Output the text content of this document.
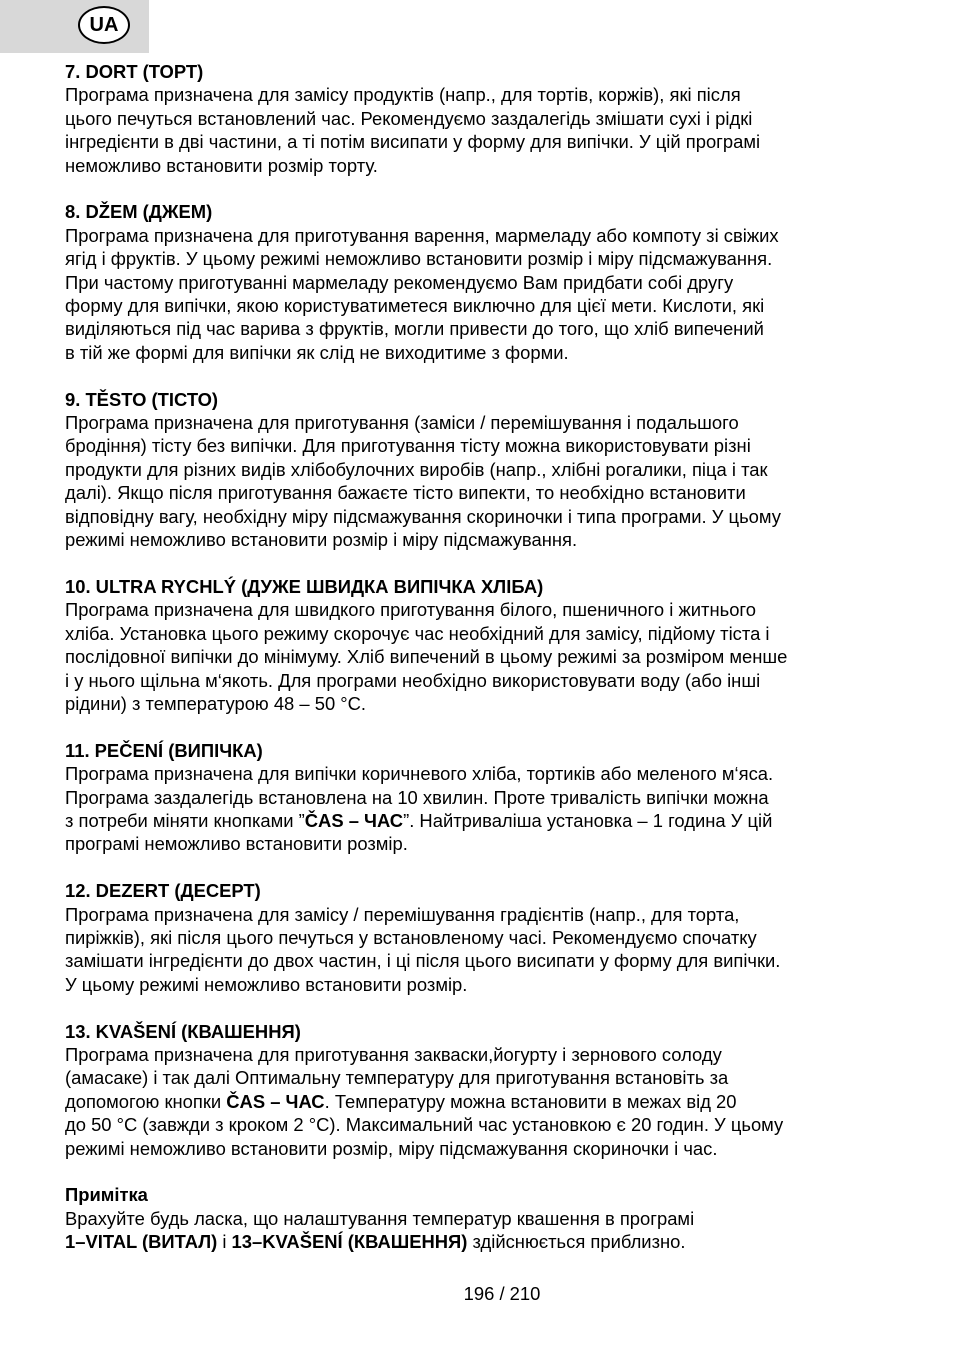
UA
7. DORT (ТОРТ)
Програма призначена для замісу продуктів (напр., для тортів, коржів), які після
цього печуться встановлений час. Рекомендуємо заздалегідь змішати сухі і рідкі
інгредієнти в дві частини, а ті потім висипати у форму для випічки. У цій програмі
неможливо встановити розмір торту.
8. DŽEM (ДЖЕМ)
Програма призначена для приготування варення, мармеладу або компоту зі свіжих
ягід і фруктів. У цьому режимі неможливо встановити розмір і міру підсмажування.
При частому приготуванні мармеладу рекомендуємо Вам придбати собі другу
форму для випічки, якою користуватиметеся виключно для цієї мети. Кислоти, які
виділяються під час варива з фруктів, могли привести до того, що хліб випечений
в тій же формі для випічки як слід не виходитиме з форми.
9. TĚSTO (ТІСТО)
Програма призначена для приготування (заміси / перемішування і подальшого
бродіння) тісту без випічки. Для приготування тісту можна використовувати різні
продукти для різних видів хлібобулочних виробів (напр., хлібні рогалики, піца і так
далі). Якщо після приготування бажаєте тісто випекти, то необхідно встановити
відповідну вагу, необхідну міру підсмажування скориночки і типа програми. У цьому
режимі неможливо встановити розмір і міру підсмажування.
10. ULTRA RYCHLÝ (ДУЖЕ ШВИДКА ВИПІЧКА ХЛІБА)
Програма призначена для швидкого приготування білого, пшеничного і житнього
хліба. Установка цього режиму скорочує час необхідний для замісу, підйому тіста і
послідовної випічки до мінімуму. Хліб випечений в цьому режимі за розміром менше
і у нього щільна м‘якоть. Для програми необхідно використовувати воду (або інші
рідини) з температурою 48 – 50 °C.
11. PEČENÍ (ВИПІЧКА)
Програма призначена для випічки коричневого хліба, тортиків або меленого м‘яса.
Програма заздалегідь встановлена на 10 хвилин. Проте тривалість випічки можна
з потреби міняти кнопками ”ČAS – ЧАС”. Найтриваліша установка – 1 година У цій
програмі неможливо встановити розмір.
12. DEZERT (ДЕСЕРТ)
Програма призначена для замісу / перемішування градієнтів (напр., для торта,
пиріжків), які після цього печуться у встановленому часі. Рекомендуємо спочатку
замішати інгредієнти до двох частин, і ці після цього висипати у форму для випічки.
У цьому режимі неможливо встановити розмір.
13. KVAŠENÍ (КВАШЕННЯ)
Програма призначена для приготування закваски,йогурту і зернового солоду
(амасаке) і так далі Оптимальну температуру для приготування встановіть за
допомогою кнопки ČAS – ЧАС. Температуру можна встановити в межах від 20
до 50 °C (завжди з кроком 2 °C). Максимальний час установкою є 20 годин. У цьому
режимі неможливо встановити розмір, міру підсмажування скориночки і час.
Примітка
Врахуйте будь ласка, що налаштування температур квашення в програмі
1–VITAL (ВИТАЛ) і 13–KVAŠENÍ (КВАШЕННЯ) здійснюється приблизно.
196 / 210
